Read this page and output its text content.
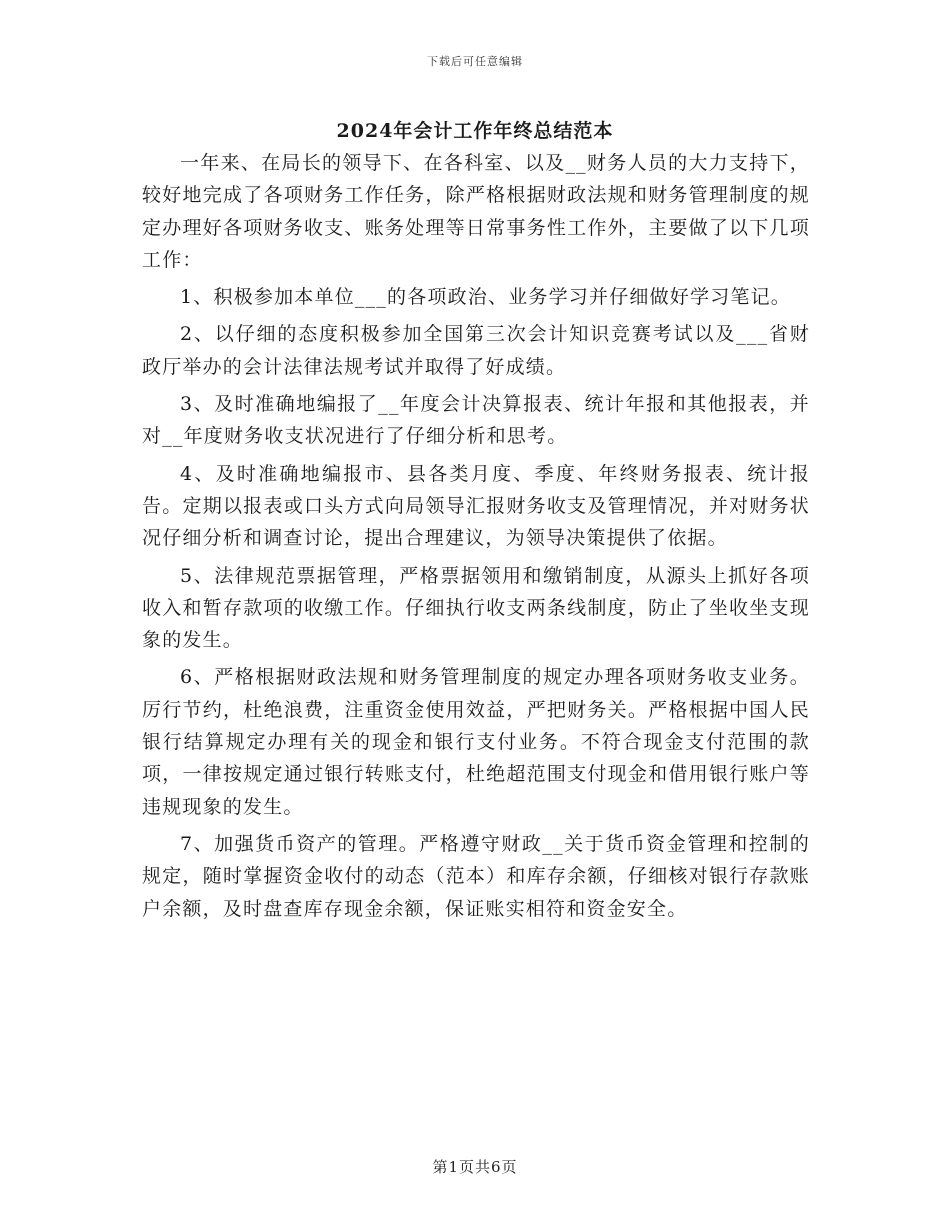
下载后可任意编辑
2024年会计工作年终总结范本

一年来、在局长的领导下、在各科室、以及__财务人员的大力支持下，较好地完成了各项财务工作任务，除严格根据财政法规和财务管理制度的规定办理好各项财务收支、账务处理等日常事务性工作外，主要做了以下几项工作：

1、积极参加本单位___的各项政治、业务学习并仔细做好学习笔记。

2、以仔细的态度积极参加全国第三次会计知识竞赛考试以及___省财政厅举办的会计法律法规考试并取得了好成绩。

3、及时准确地编报了__年度会计决算报表、统计年报和其他报表，并对__年度财务收支状况进行了仔细分析和思考。

4、及时准确地编报市、县各类月度、季度、年终财务报表、统计报告。定期以报表或口头方式向局领导汇报财务收支及管理情况，并对财务状况仔细分析和调查讨论，提出合理建议，为领导决策提供了依据。

5、法律规范票据管理，严格票据领用和缴销制度，从源头上抓好各项收入和暂存款项的收缴工作。仔细执行收支两条线制度，防止了坐收坐支现象的发生。

6、严格根据财政法规和财务管理制度的规定办理各项财务收支业务。厉行节约，杜绝浪费，注重资金使用效益，严把财务关。严格根据中国人民银行结算规定办理有关的现金和银行支付业务。不符合现金支付范围的款项，一律按规定通过银行转账支付，杜绝超范围支付现金和借用银行账户等违规现象的发生。

7、加强货币资产的管理。严格遵守财政__关于货币资金管理和控制的规定，随时掌握资金收付的动态（范本）和库存余额，仔细核对银行存款账户余额，及时盘查库存现金余额，保证账实相符和资金安全。

第1页共6页
